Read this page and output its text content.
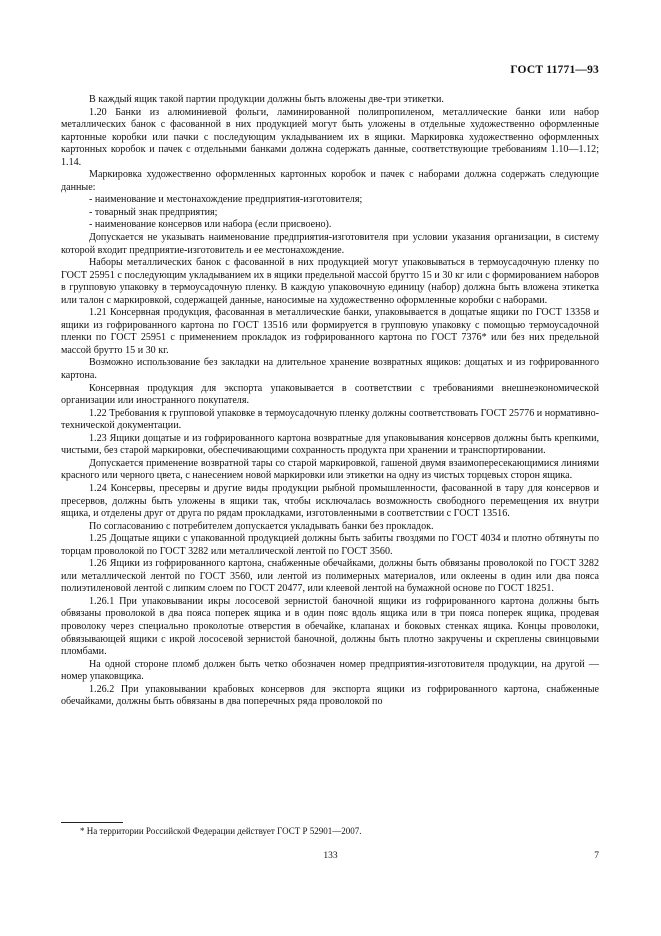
ГОСТ 11771—93

В каждый ящик такой партии продукции должны быть вложены две-три этикетки.

1.20 Банки из алюминиевой фольги, ламинированной полипропиленом, металлические банки или набор металлических банок с фасованной в них продукцией могут быть уложены в отдельные художественно оформленные картонные коробки или пачки с последующим укладыванием их в ящики. Маркировка художественно оформленных картонных коробок и пачек с отдельными банками должна содержать данные, соответствующие требованиям 1.10—1.12; 1.14.

Маркировка художественно оформленных картонных коробок и пачек с наборами должна содержать следующие данные:

- наименование и местонахождение предприятия-изготовителя;

- товарный знак предприятия;

- наименование консервов или набора (если присвоено).

Допускается не указывать наименование предприятия-изготовителя при условии указания организации, в систему которой входит предприятие-изготовитель и ее местонахождение.

Наборы металлических банок с фасованной в них продукцией могут упаковываться в термоусадочную пленку по ГОСТ 25951 с последующим укладыванием их в ящики предельной массой брутто 15 и 30 кг или с формированием наборов в групповую упаковку в термоусадочную пленку. В каждую упаковочную единицу (набор) должна быть вложена этикетка или талон с маркировкой, содержащей данные, наносимые на художественно оформленные коробки с наборами.

1.21 Консервная продукция, фасованная в металлические банки, упаковывается в дощатые ящики по ГОСТ 13358 и ящики из гофрированного картона по ГОСТ 13516 или формируется в групповую упаковку с помощью термоусадочной пленки по ГОСТ 25951 с применением прокладок из гофрированного картона по ГОСТ 7376* или без них предельной массой брутто 15 и 30 кг.

Возможно использование без закладки на длительное хранение возвратных ящиков: дощатых и из гофрированного картона.

Консервная продукция для экспорта упаковывается в соответствии с требованиями внешнеэкономической организации или иностранного покупателя.

1.22 Требования к групповой упаковке в термоусадочную пленку должны соответствовать ГОСТ 25776 и нормативно-технической документации.

1.23 Ящики дощатые и из гофрированного картона возвратные для упаковывания консервов должны быть крепкими, чистыми, без старой маркировки, обеспечивающими сохранность продукта при хранении и транспортировании.

Допускается применение возвратной тары со старой маркировкой, гашеной двумя взаимопересекающимися линиями красного или черного цвета, с нанесением новой маркировки или этикетки на одну из чистых торцевых сторон ящика.

1.24 Консервы, пресервы и другие виды продукции рыбной промышленности, фасованной в тару для консервов и пресервов, должны быть уложены в ящики так, чтобы исключалась возможность свободного перемещения их внутри ящика, и отделены друг от друга по рядам прокладками, изготовленными в соответствии с ГОСТ 13516.

По согласованию с потребителем допускается укладывать банки без прокладок.

1.25 Дощатые ящики с упакованной продукцией должны быть забиты гвоздями по ГОСТ 4034 и плотно обтянуты по торцам проволокой по ГОСТ 3282 или металлической лентой по ГОСТ 3560.

1.26 Ящики из гофрированного картона, снабженные обечайками, должны быть обвязаны проволокой по ГОСТ 3282 или металлической лентой по ГОСТ 3560, или лентой из полимерных материалов, или оклеены в один или два пояса полиэтиленовой лентой с липким слоем по ГОСТ 20477, или клеевой лентой на бумажной основе по ГОСТ 18251.

1.26.1 При упаковывании икры лососевой зернистой баночной ящики из гофрированного картона должны быть обвязаны проволокой в два пояса поперек ящика и в один пояс вдоль ящика или в три пояса поперек ящика, продевая проволоку через специально проколотые отверстия в обечайке, клапанах и боковых стенках ящика. Концы проволоки, обвязывающей ящики с икрой лососевой зернистой баночной, должны быть плотно закручены и скреплены свинцовыми пломбами.

На одной стороне пломб должен быть четко обозначен номер предприятия-изготовителя продукции, на другой — номер упаковщика.

1.26.2 При упаковывании крабовых консервов для экспорта ящики из гофрированного картона, снабженные обечайками, должны быть обвязаны в два поперечных ряда проволокой по

* На территории Российской Федерации действует ГОСТ Р 52901—2007.
133	7
